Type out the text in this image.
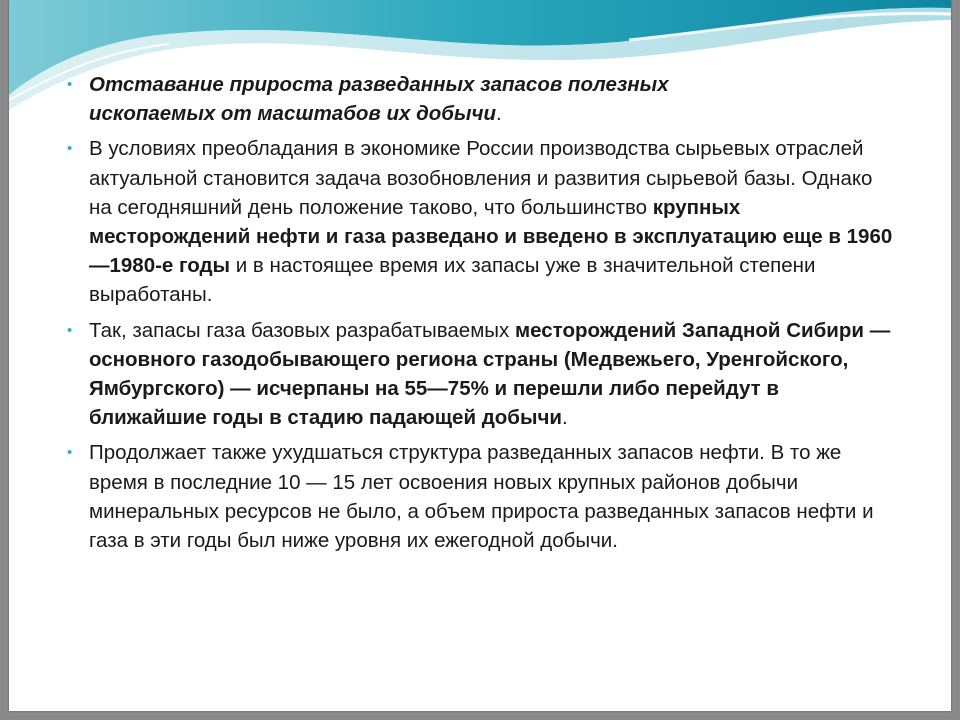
• Отставание прироста разведанных запасов полезных
ископаемых от масштабов их добычи.
• В условиях преобладания в экономике России производства сырьевых отраслей актуальной становится задача возобновления и развития сырьевой базы. Однако на сегодняшний день положение таково, что большинство крупных месторождений нефти и газа разведано и введено в эксплуатацию еще в 1960—1980-е годы и в настоящее время их запасы уже в значительной степени выработаны.
• Так, запасы газа базовых разрабатываемых месторождений Западной Сибири — основного газодобывающего региона страны (Медвежьего, Уренгойского, Ямбургского) — исчерпаны на 55—75% и перешли либо перейдут в ближайшие годы в стадию падающей добычи.
• Продолжает также ухудшаться структура разведанных запасов нефти. В то же время в последние 10 — 15 лет освоения новых крупных районов добычи минеральных ресурсов не было, а объем прироста разведанных запасов нефти и газа в эти годы был ниже уровня их ежегодной добычи.
